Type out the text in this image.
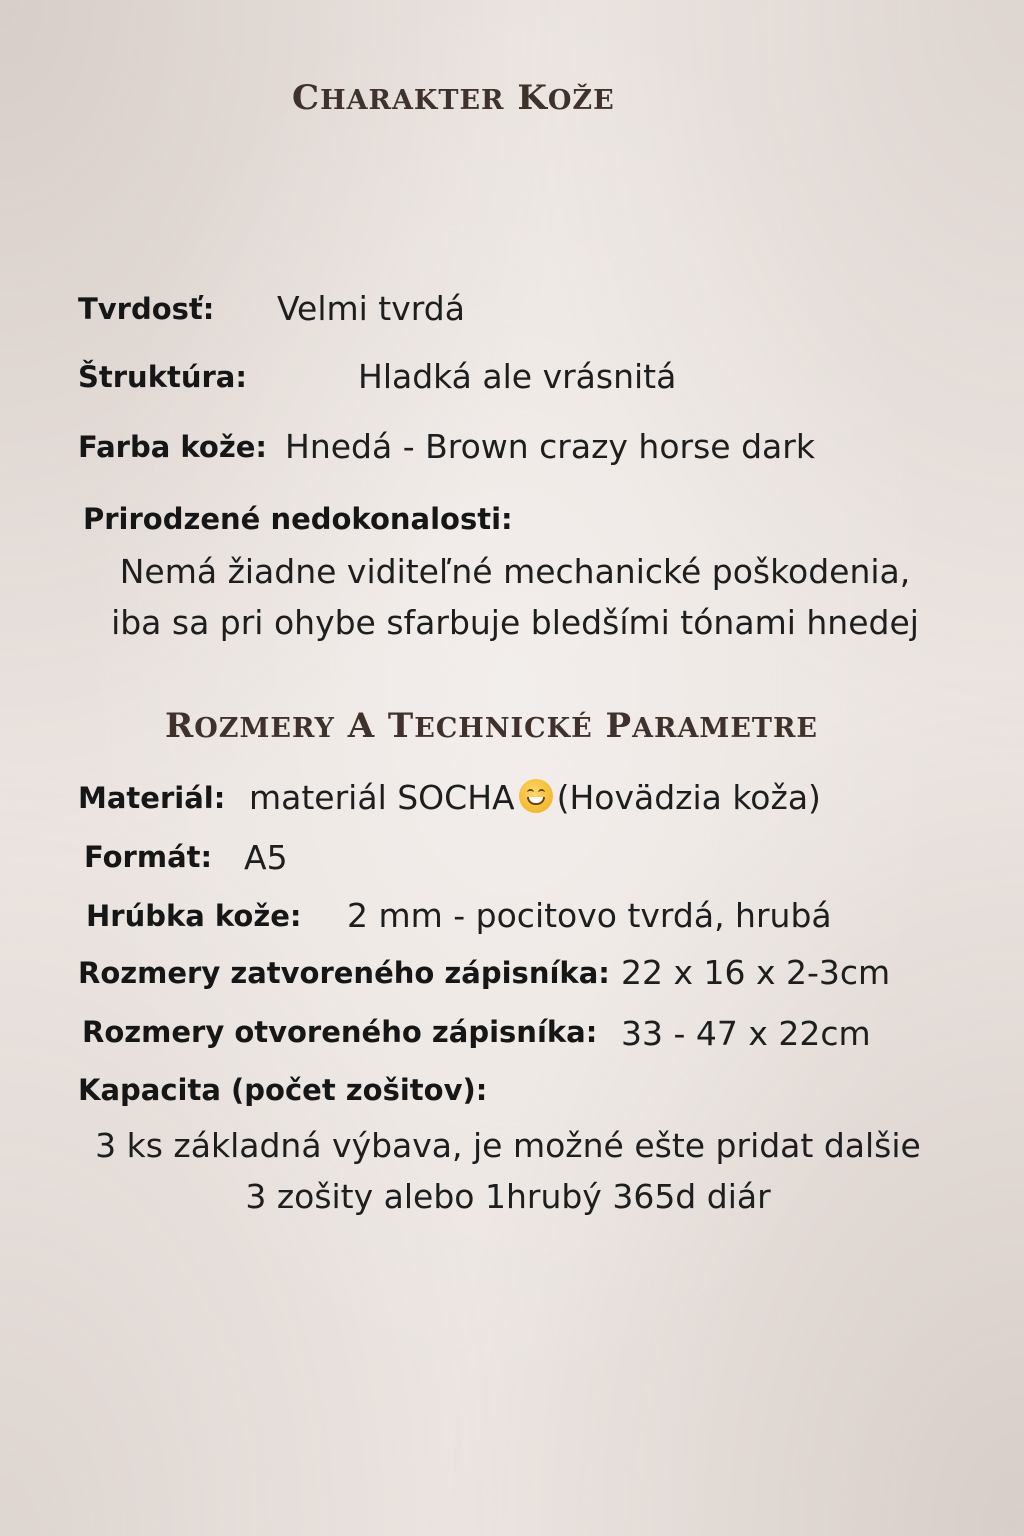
CHARAKTER KOŽE
Tvrdosť: Velmi tvrdá
Štruktúra:	Hladká ale vrásnitá
Farba kože: Hnedá - Brown crazy horse dark
Prirodzené nedokonalosti:
Nemá žiadne viditeľné mechanické poškodenia,
iba sa pri ohybe sfarbuje bledšími tónami hnedej
ROZMERY A TECHNICKÉ PARAMETRE
Materiál: materiál SOCHA (Hovädzia koža)
Formát: A5
Hrúbka kože: 2 mm - pocitovo tvrdá, hrubá
Rozmery zatvoreného zápisníka: 22 x 16 x 2-3cm
Rozmery otvoreného zápisníka: 33 - 47 x 22cm
Kapacita (počet zošitov):
3 ks základná výbava, je možné ešte pridat dalšie
3 zošity alebo 1hrubý 365d diár
